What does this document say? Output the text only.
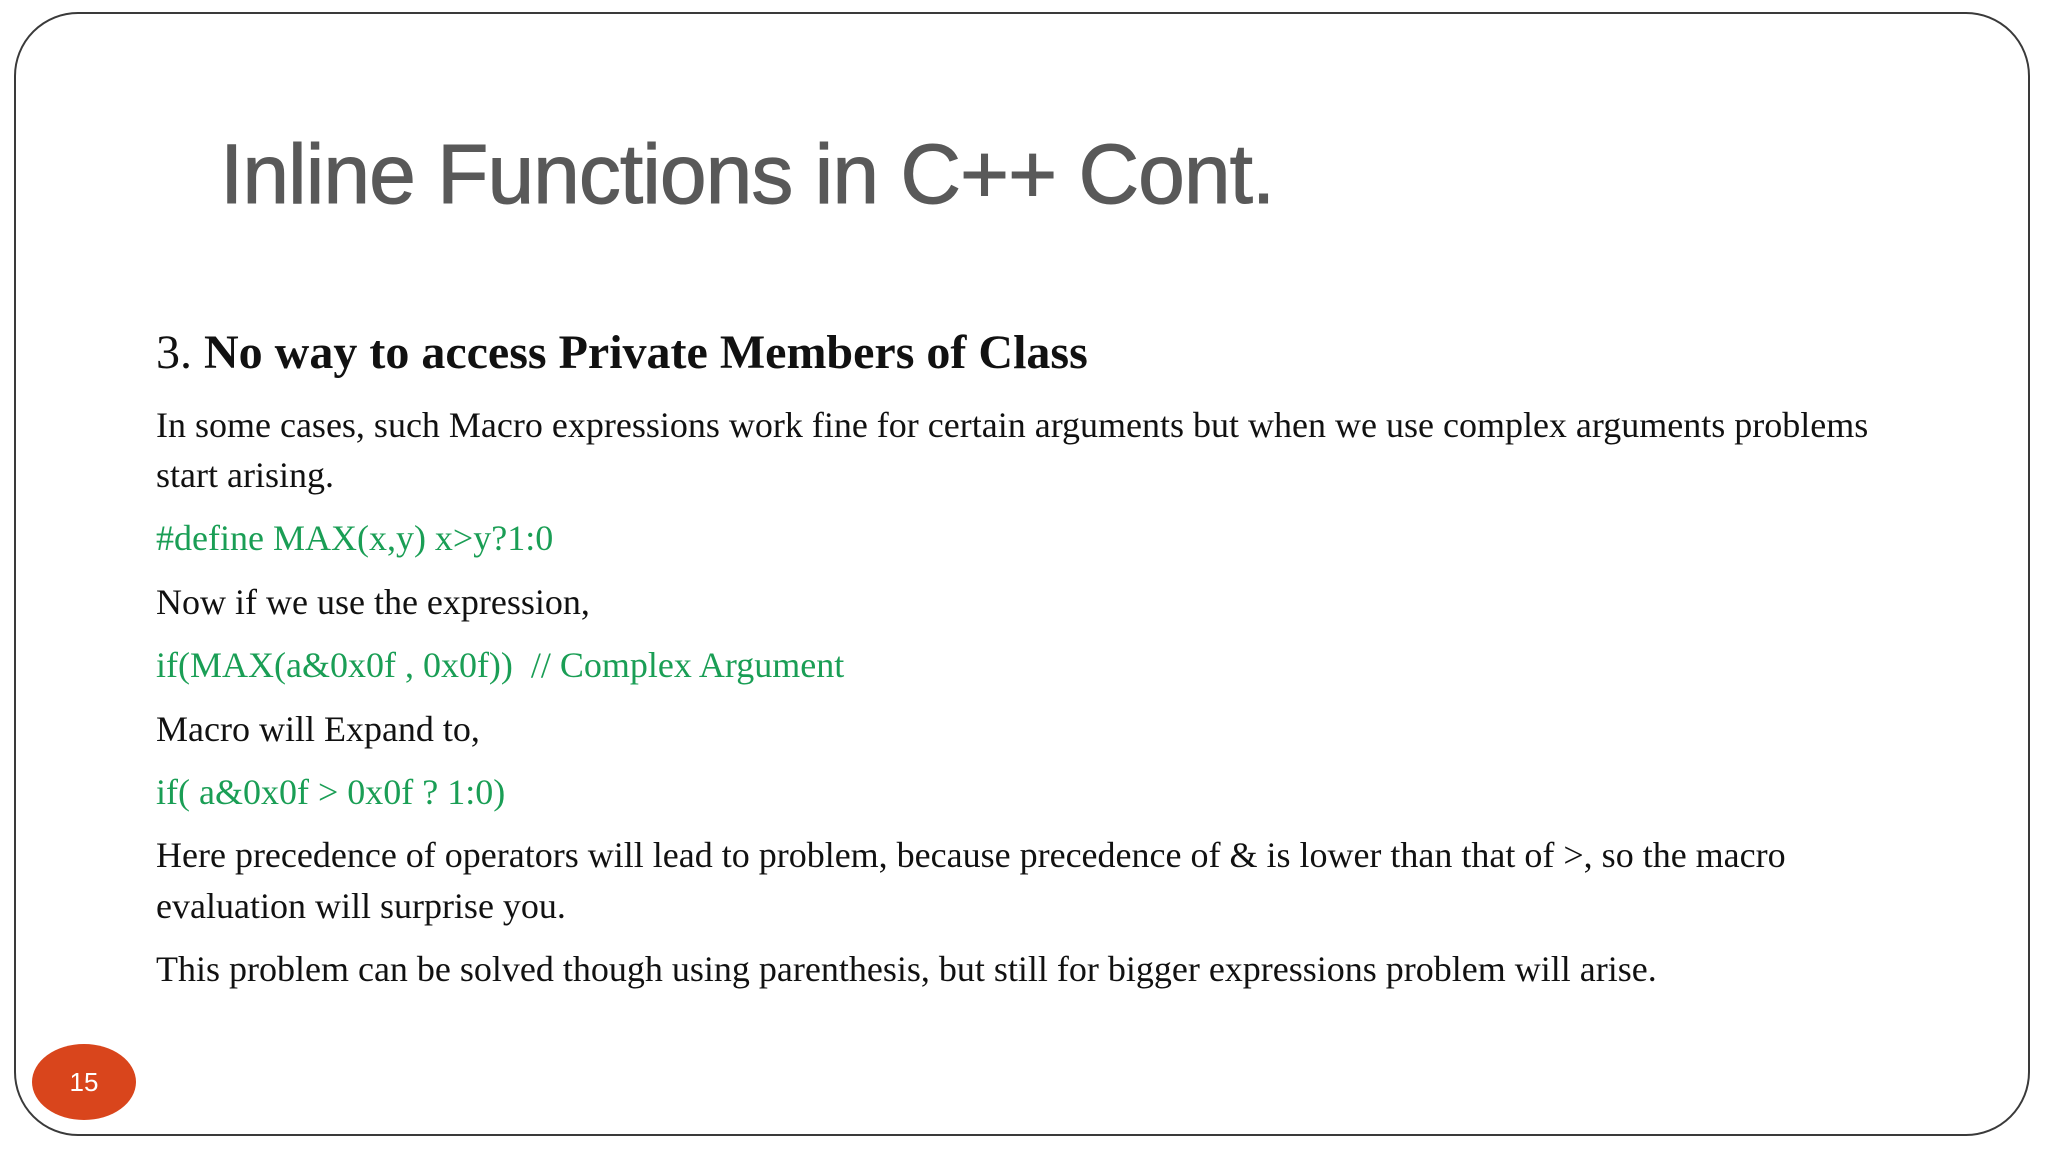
Inline Functions in C++ Cont.

3. No way to access Private Members of Class

In some cases, such Macro expressions work fine for certain arguments but when we use complex arguments problems start arising.

#define MAX(x,y) x>y?1:0

Now if we use the expression,

if(MAX(a&0x0f , 0x0f))  // Complex Argument

Macro will Expand to,

if( a&0x0f > 0x0f ? 1:0)

Here precedence of operators will lead to problem, because precedence of & is lower than that of >, so the macro evaluation will surprise you.

This problem can be solved though using parenthesis, but still for bigger expressions problem will arise.

15
